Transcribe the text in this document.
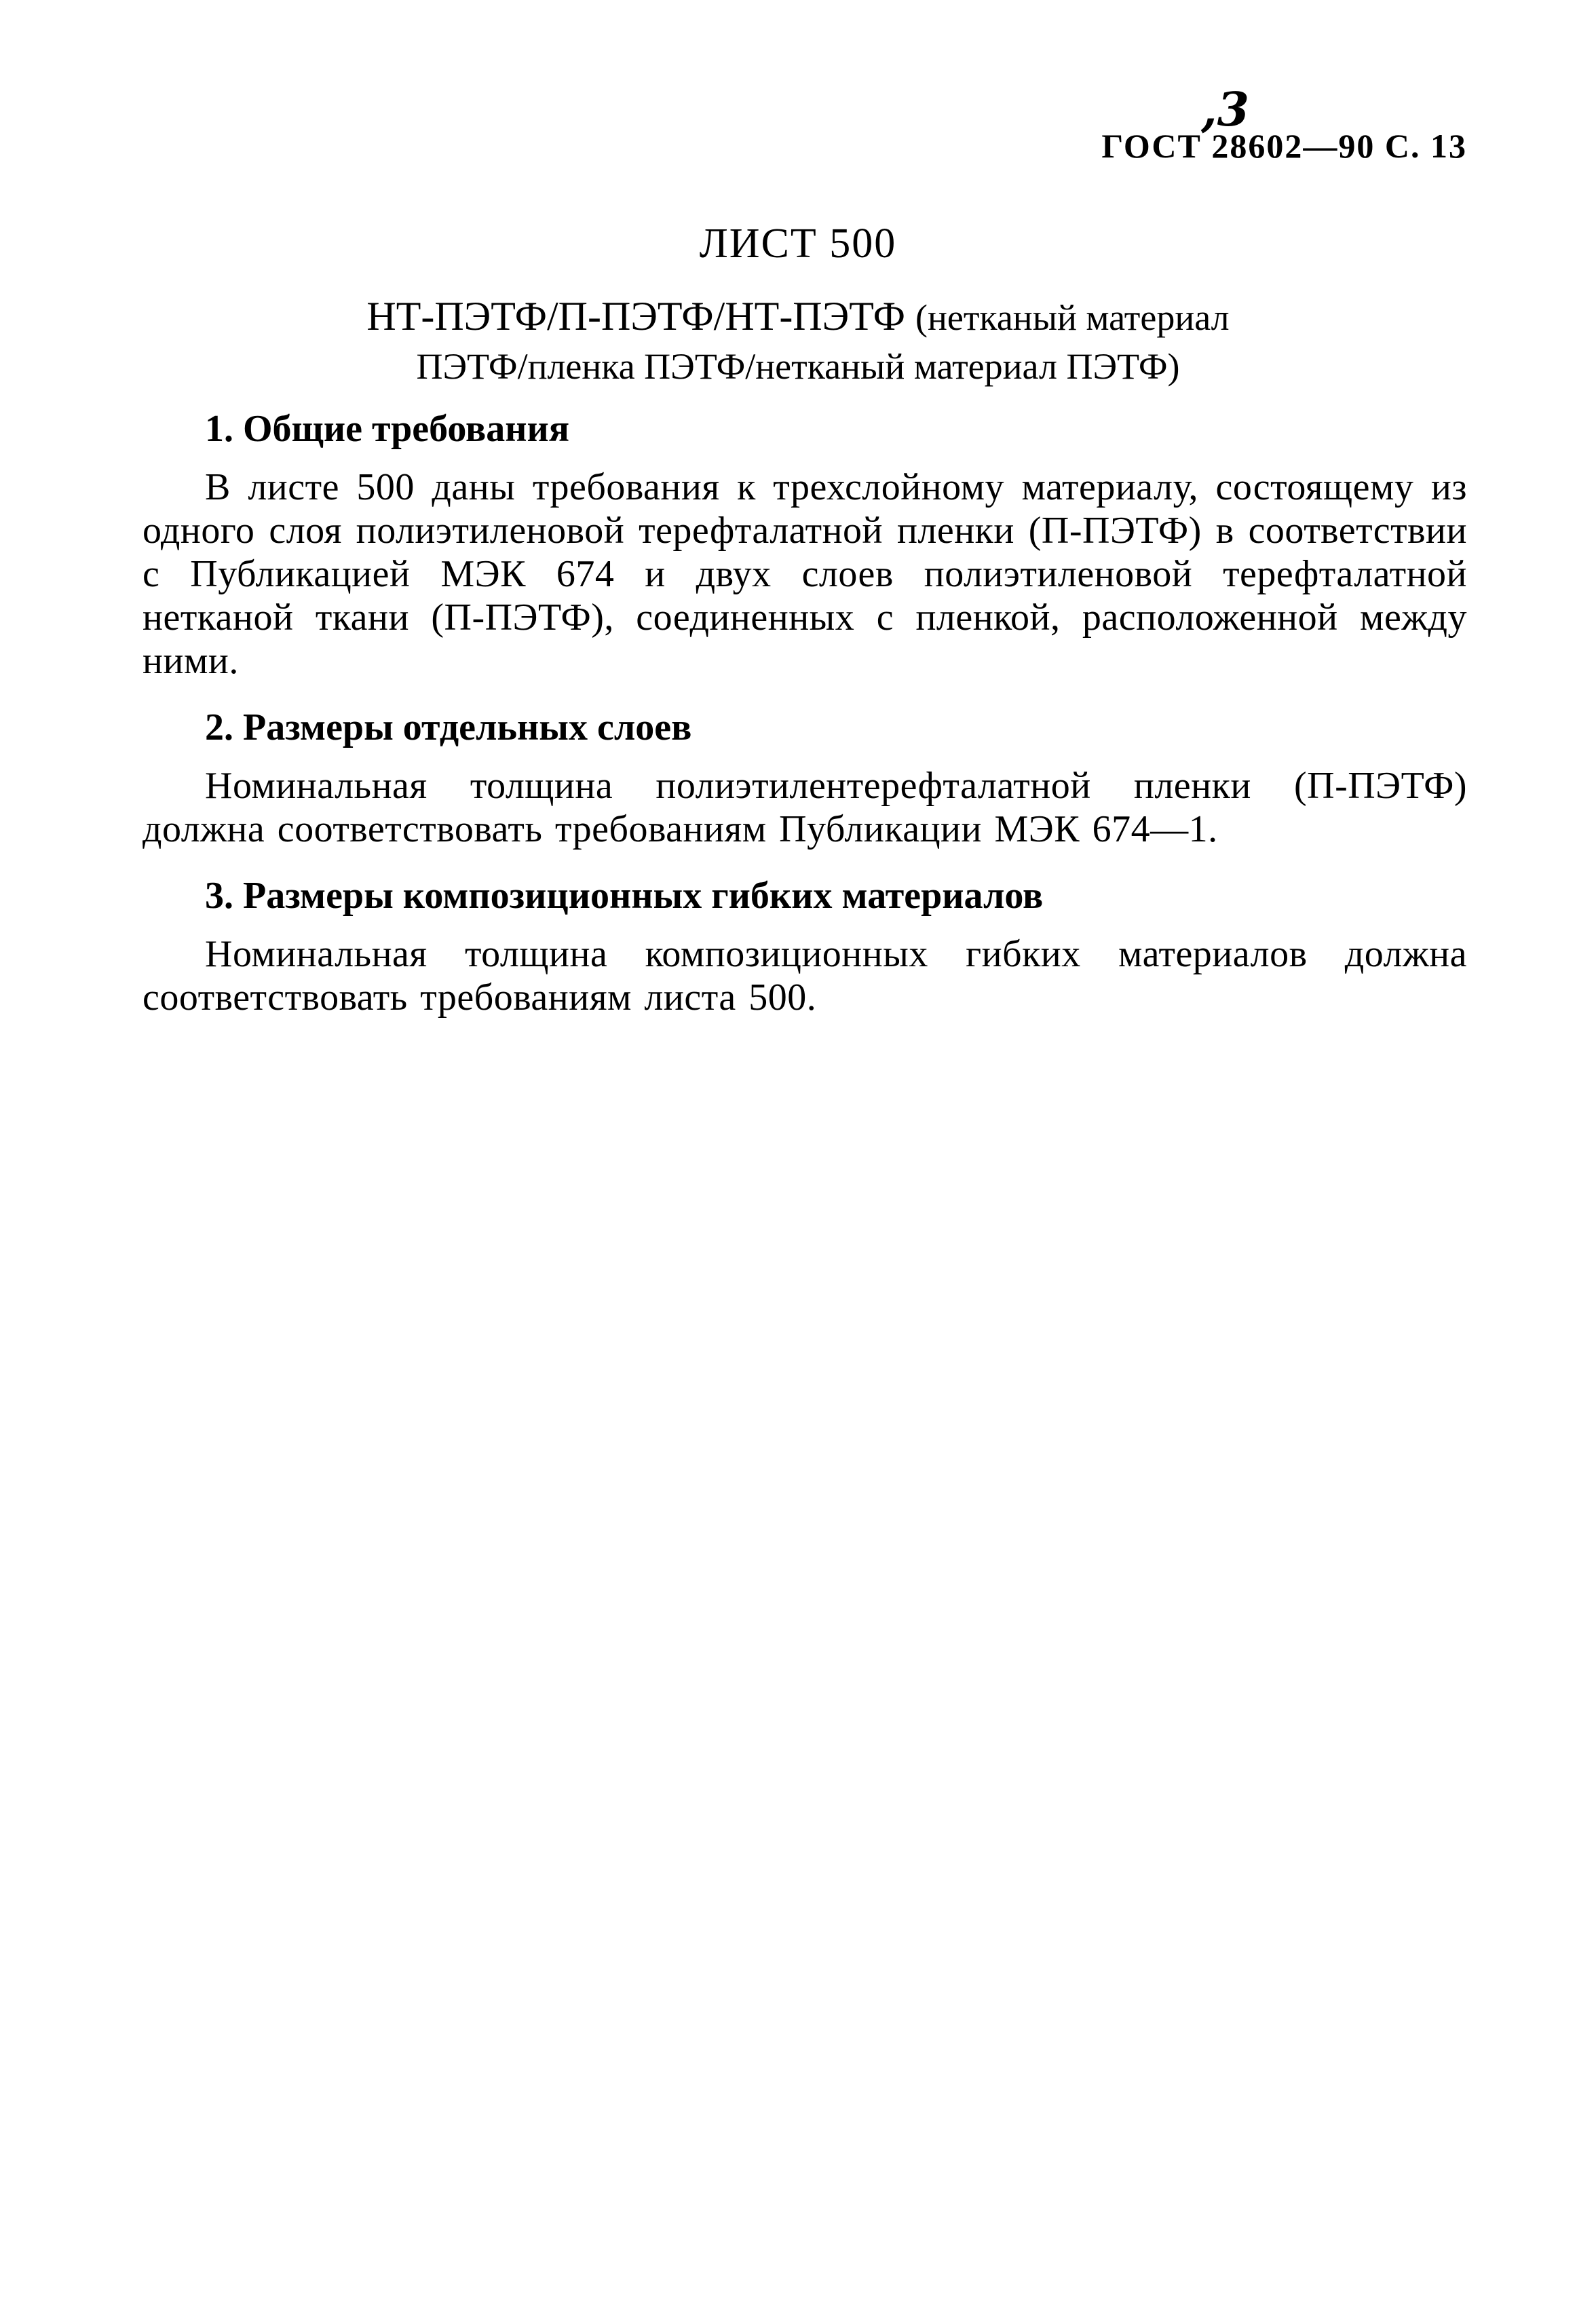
,3
ГОСТ 28602—90 С. 13
ЛИСТ 500
НТ-ПЭТФ/П-ПЭТФ/НТ-ПЭТФ (нетканый материал
ПЭТФ/пленка ПЭТФ/нетканый материал ПЭТФ)
1. Общие требования

В листе 500 даны требования к трехслойному материалу, состоящему из одного слоя полиэтиленовой терефталатной пленки (П-ПЭТФ) в соответствии с Публикацией МЭК 674 и двух слоев полиэтиленовой терефталатной нетканой ткани (П-ПЭТФ), соединенных с пленкой, расположенной между ними.

2. Размеры отдельных слоев

Номинальная толщина полиэтилентерефталатной пленки (П-ПЭТФ) должна соответствовать требованиям Публикации МЭК 674—1.

3. Размеры композиционных гибких материалов

Номинальная толщина композиционных гибких материалов должна соответствовать требованиям листа 500.
